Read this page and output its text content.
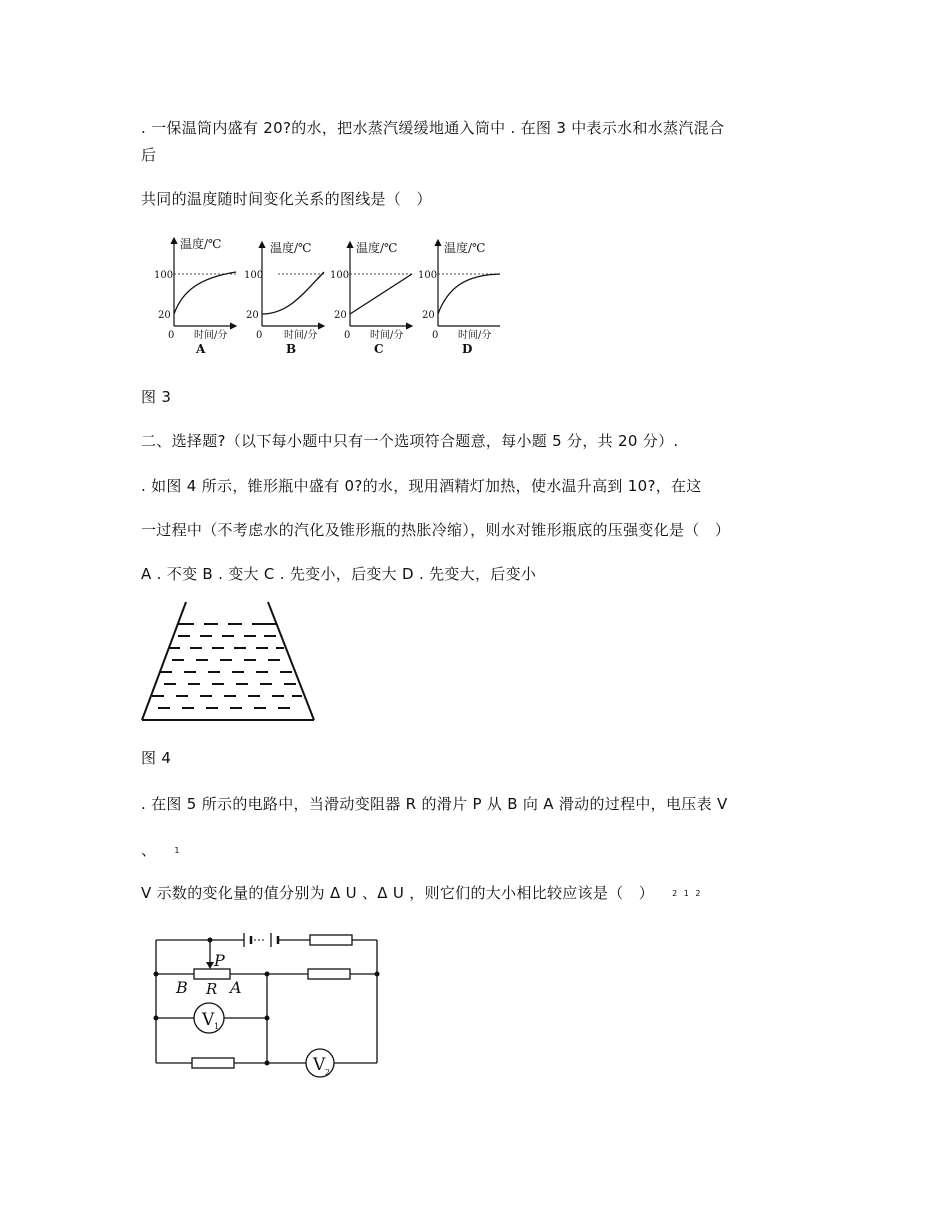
. 一保温筒内盛有 20?的水，把水蒸汽缓缓地通入筒中 . 在图 3 中表示水和水蒸汽混合
后
共同的温度随时间变化关系的图线是（　）
温度/℃
100
20
0 时间/分
A
温度/℃
100
20
0 时间/分
B
温度/℃
100
20
0 时间/分
C
温度/℃
100
20
0 时间/分
D
图 3
二、选择题?（以下每小题中只有一个选项符合题意，每小题 5 分，共 20 分）.
. 如图 4 所示，锥形瓶中盛有 0?的水，现用酒精灯加热，使水温升高到 10?，在这
一过程中（不考虑水的汽化及锥形瓶的热胀冷缩），则水对锥形瓶底的压强变化是（　）
A . 不变 B . 变大 C . 先变小，后变大 D . 先变大，后变小
图 4
. 在图 5 所示的电路中，当滑动变阻器 R 的滑片 P 从 B 向 A 滑动的过程中，电压表 V
、 $^1$
V 示数的变化量的值分别为 Δ U 、Δ U ，则它们的大小相比较应该是（　） $^{2 1 2}$
V 1
V 2
P
B R A
